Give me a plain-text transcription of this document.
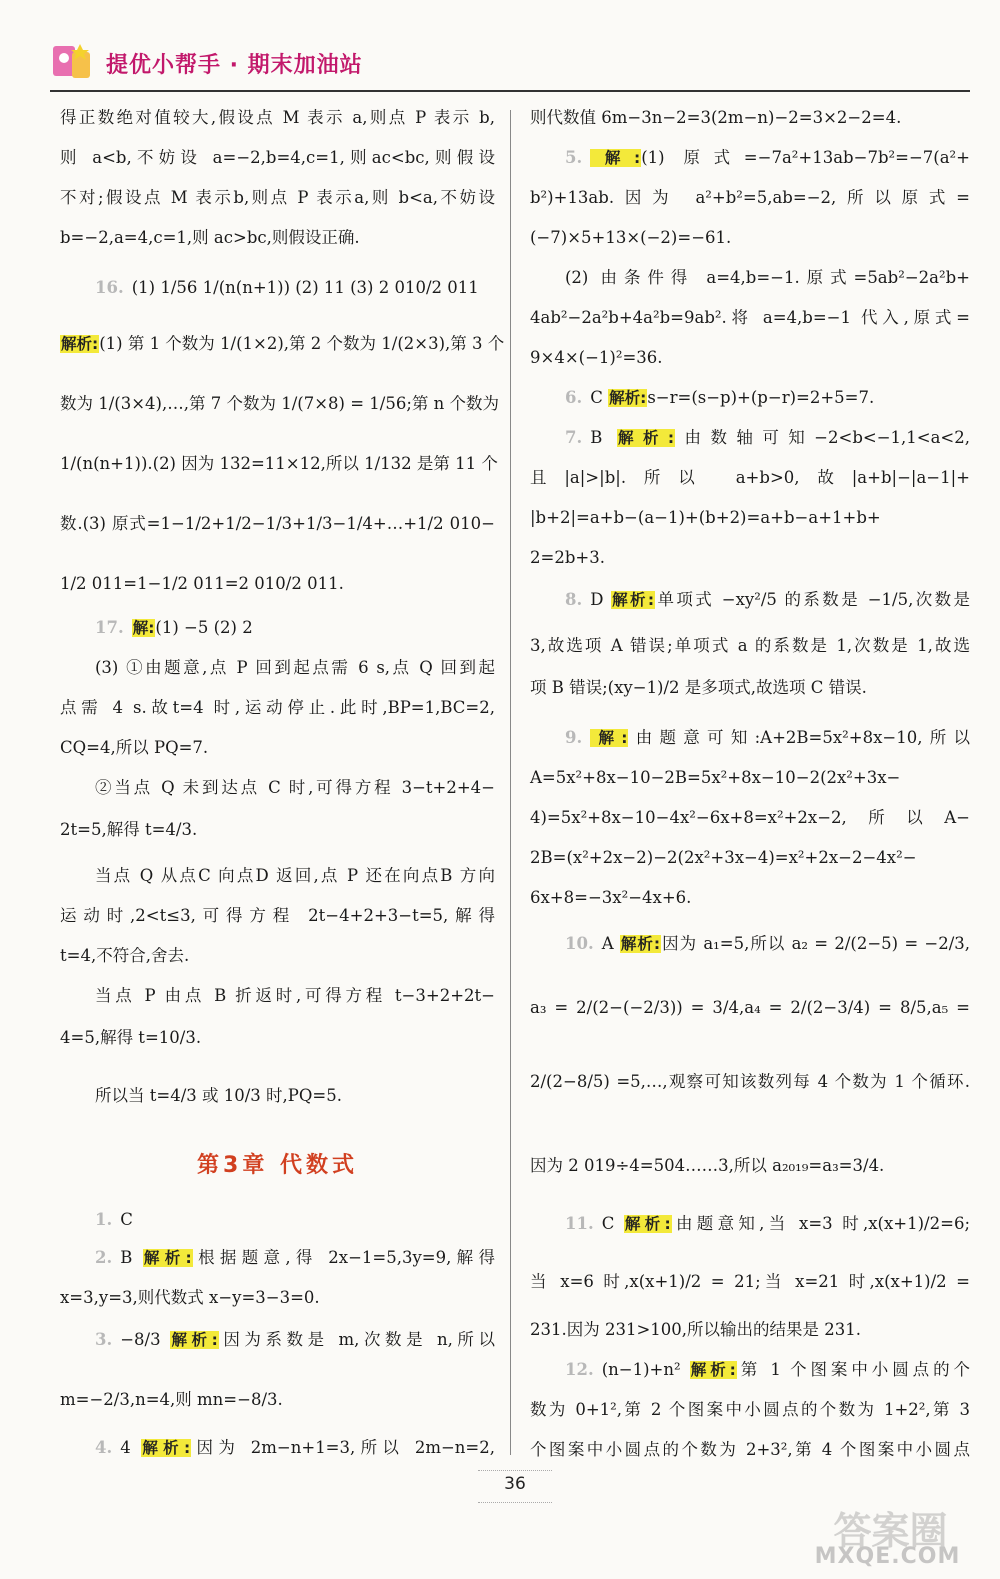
提优小帮手 · 期末加油站
第3章 代数式
得正数绝对值较大,假设点 M 表示 a,则点 P 表示 b,
则 a<b,不妨设 a=−2,b=4,c=1,则ac<bc,则假设
不对;假设点 M 表示b,则点 P 表示a,则 b<a,不妨设
b=−2,a=4,c=1,则 ac>bc,则假设正确.
16. (1) 1/56 1/(n(n+1)) (2) 11 (3) 2 010/2 011
解析:(1) 第 1 个数为 1/(1×2),第 2 个数为 1/(2×3),第 3 个
数为 1/(3×4),…,第 7 个数为 1/(7×8) = 1/56;第 n 个数为
1/(n(n+1)).(2) 因为 132=11×12,所以 1/132 是第 11 个
数.(3) 原式=1−1/2+1/2−1/3+1/3−1/4+…+1/2 010−
1/2 011=1−1/2 011=2 010/2 011.
17. 解:(1) −5 (2) 2
(3) ①由题意,点 P 回到起点需 6 s,点 Q 回到起
点需 4 s.故t=4 时,运动停止.此时,BP=1,BC=2,
CQ=4,所以 PQ=7.
②当点 Q 未到达点 C 时,可得方程 3−t+2+4−
2t=5,解得 t=4/3.
当点 Q 从点C 向点D 返回,点 P 还在向点B 方向
运动时,2<t≤3,可得方程 2t−4+2+3−t=5,解得
t=4,不符合,舍去.
当点 P 由点 B 折返时,可得方程 t−3+2+2t−
4=5,解得 t=10/3.
所以当 t=4/3 或 10/3 时,PQ=5.
1. C
2. B 解析:根据题意,得 2x−1=5,3y=9,解得
x=3,y=3,则代数式 x−y=3−3=0.
3. −8/3 解析:因为系数是 m,次数是 n,所以
m=−2/3,n=4,则 mn=−8/3.
4. 4 解析:因为 2m−n+1=3,所以 2m−n=2,
则代数值 6m−3n−2=3(2m−n)−2=3×2−2=4.
5. 解:(1) 原式=−7a²+13ab−7b²=−7(a²+
b²)+13ab.因为 a²+b²=5,ab=−2,所以原式=
(−7)×5+13×(−2)=−61.
(2) 由条件得 a=4,b=−1.原式=5ab²−2a²b+
4ab²−2a²b+4a²b=9ab².将 a=4,b=−1 代入,原式=
9×4×(−1)²=36.
6. C 解析:s−r=(s−p)+(p−r)=2+5=7.
7. B 解析:由数轴可知−2<b<−1,1<a<2,
且|a|>|b|.所以 a+b>0,故|a+b|−|a−1|+
|b+2|=a+b−(a−1)+(b+2)=a+b−a+1+b+
2=2b+3.
8. D 解析:单项式 −xy²/5 的系数是 −1/5,次数是
3,故选项 A 错误;单项式 a 的系数是 1,次数是 1,故选
项 B 错误;(xy−1)/2 是多项式,故选项 C 错误.
9. 解:由题意可知:A+2B=5x²+8x−10,所以
A=5x²+8x−10−2B=5x²+8x−10−2(2x²+3x−
4)=5x²+8x−10−4x²−6x+8=x²+2x−2,所以A−
2B=(x²+2x−2)−2(2x²+3x−4)=x²+2x−2−4x²−
6x+8=−3x²−4x+6.
10. A 解析:因为 a₁=5,所以 a₂ = 2/(2−5) = −2/3,
a₃ = 2/(2−(−2/3)) = 3/4,a₄ = 2/(2−3/4) = 8/5,a₅ =
2/(2−8/5) =5,…,观察可知该数列每 4 个数为 1 个循环.
因为 2 019÷4=504……3,所以 a₂₀₁₉=a₃=3/4.
11. C 解析:由题意知,当 x=3 时,x(x+1)/2=6;
当 x=6 时,x(x+1)/2 = 21;当 x=21 时,x(x+1)/2 =
231.因为 231>100,所以输出的结果是 231.
12. (n−1)+n² 解析:第 1 个图案中小圆点的个
数为 0+1²,第 2 个图案中小圆点的个数为 1+2²,第 3
个图案中小圆点的个数为 2+3²,第 4 个图案中小圆点
36
答案圈
MXQE.COM
